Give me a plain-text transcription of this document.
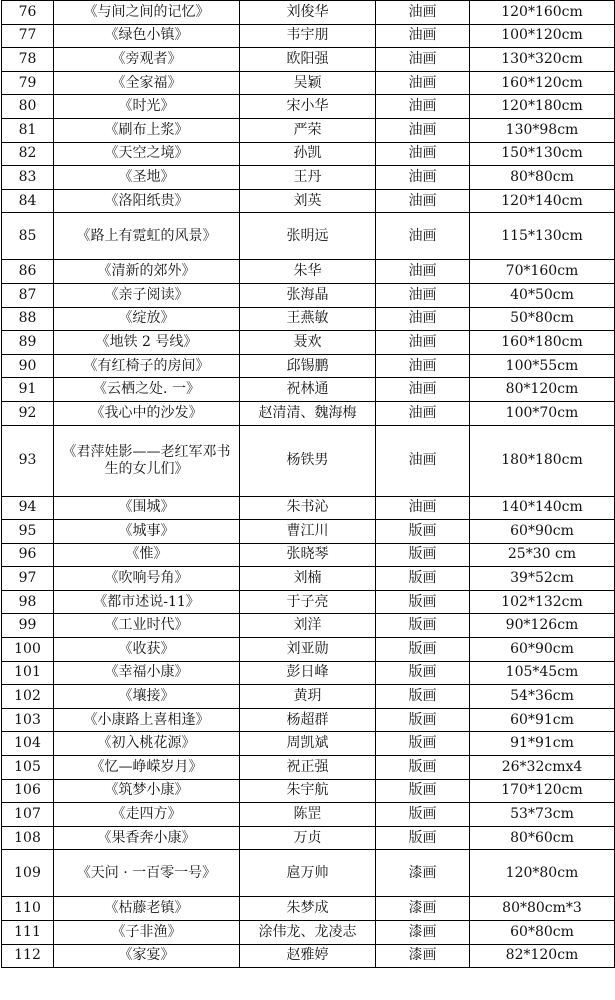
76	《与间之间的记忆》	刘俊华	油画	120*160cm
77	《绿色小镇》	韦宇朋	油画	100*120cm
78	《旁观者》	欧阳强	油画	130*320cm
79	《全家福》	吴颖	油画	160*120cm
80	《时光》	宋小华	油画	120*180cm
81	《刷布上浆》	严荣	油画	130*98cm
82	《天空之境》	孙凯	油画	150*130cm
83	《圣地》	王丹	油画	80*80cm
84	《洛阳纸贵》	刘英	油画	120*140cm
85	《路上有霓虹的风景》	张明远	油画	115*130cm
86	《清新的郊外》	朱华	油画	70*160cm
87	《亲子阅读》	张海晶	油画	40*50cm
88	《绽放》	王燕敏	油画	50*80cm
89	《地铁 2 号线》	聂欢	油画	160*180cm
90	《有红椅子的房间》	邱锡鹏	油画	100*55cm
91	《云栖之处. 一》	祝林通	油画	80*120cm
92	《我心中的沙发》	赵清清、魏海梅	油画	100*70cm
93	《君萍娃影——老红军邓书生的女儿们》	杨铁男	油画	180*180cm
94	《围城》	朱书沁	油画	140*140cm
95	《城事》	曹江川	版画	60*90cm
96	《惟》	张晓琴	版画	25*30 cm
97	《吹响号角》	刘楠	版画	39*52cm
98	《都市述说-11》	于子亮	版画	102*132cm
99	《工业时代》	刘洋	版画	90*126cm
100	《收获》	刘亚勋	版画	60*90cm
101	《幸福小康》	彭日峰	版画	105*45cm
102	《壤接》	黄玥	版画	54*36cm
103	《小康路上喜相逢》	杨超群	版画	60*91cm
104	《初入桃花源》	周凯斌	版画	91*91cm
105	《忆—峥嵘岁月》	祝正强	版画	26*32cmx4
106	《筑梦小康》	朱宇航	版画	170*120cm
107	《走四方》	陈罡	版画	53*73cm
108	《果香奔小康》	万贞	版画	80*60cm
109	《天问 · 一百零一号》	扈万帅	漆画	120*80cm
110	《枯藤老镇》	朱梦成	漆画	80*80cm*3
111	《子非渔》	涂伟龙、龙凌志	漆画	60*80cm
112	《家宴》	赵雅婷	漆画	82*120cm
